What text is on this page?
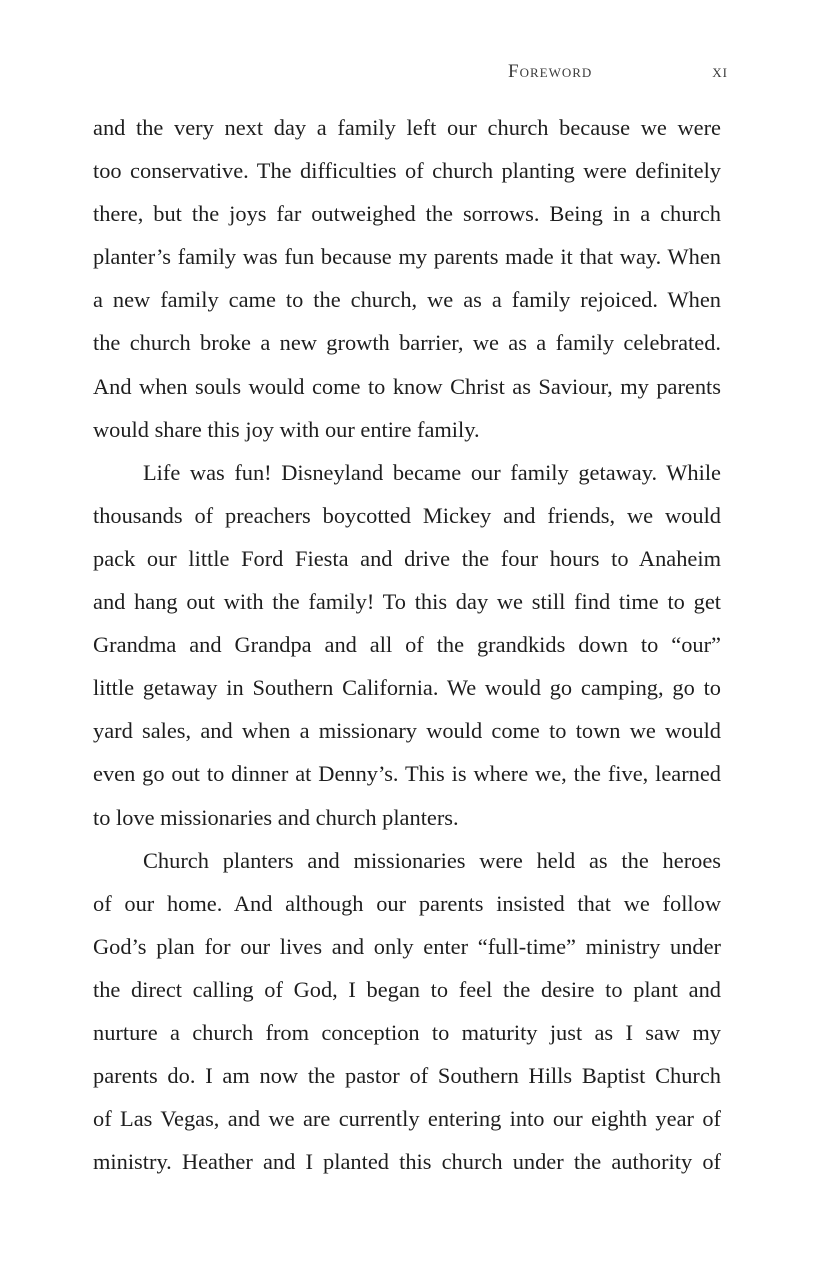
Foreword	xi
and the very next day a family left our church because we were
too conservative. The difficulties of church planting were definitely
there, but the joys far outweighed the sorrows. Being in a church
planter’s family was fun because my parents made it that way. When
a new family came to the church, we as a family rejoiced. When
the church broke a new growth barrier, we as a family celebrated.
And when souls would come to know Christ as Saviour, my parents
would share this joy with our entire family.
Life was fun! Disneyland became our family getaway. While
thousands of preachers boycotted Mickey and friends, we would
pack our little Ford Fiesta and drive the four hours to Anaheim
and hang out with the family! To this day we still find time to get
Grandma and Grandpa and all of the grandkids down to “our”
little getaway in Southern California. We would go camping, go to
yard sales, and when a missionary would come to town we would
even go out to dinner at Denny’s. This is where we, the five, learned
to love missionaries and church planters.
Church planters and missionaries were held as the heroes
of our home. And although our parents insisted that we follow
God’s plan for our lives and only enter “full-time” ministry under
the direct calling of God, I began to feel the desire to plant and
nurture a church from conception to maturity just as I saw my
parents do. I am now the pastor of Southern Hills Baptist Church
of Las Vegas, and we are currently entering into our eighth year of
ministry. Heather and I planted this church under the authority of
